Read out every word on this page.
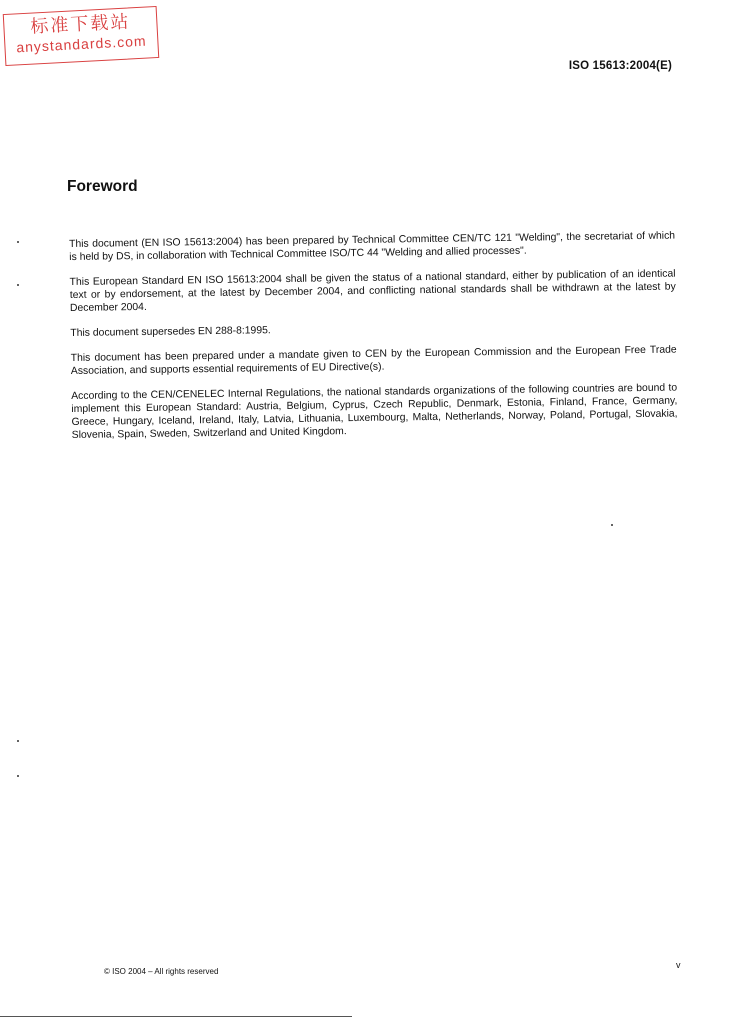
标准下载站
anystandards.com
ISO 15613:2004(E)
Foreword

This document (EN ISO 15613:2004) has been prepared by Technical Committee CEN/TC 121 "Welding", the secretariat of which is held by DS, in collaboration with Technical Committee ISO/TC 44 "Welding and allied processes".

This European Standard EN ISO 15613:2004 shall be given the status of a national standard, either by publication of an identical text or by endorsement, at the latest by December 2004, and conflicting national standards shall be withdrawn at the latest by December 2004.

This document supersedes EN 288-8:1995.

This document has been prepared under a mandate given to CEN by the European Commission and the European Free Trade Association, and supports essential requirements of EU Directive(s).

According to the CEN/CENELEC Internal Regulations, the national standards organizations of the following countries are bound to implement this European Standard: Austria, Belgium, Cyprus, Czech Republic, Denmark, Estonia, Finland, France, Germany, Greece, Hungary, Iceland, Ireland, Italy, Latvia, Lithuania, Luxembourg, Malta, Netherlands, Norway, Poland, Portugal, Slovakia, Slovenia, Spain, Sweden, Switzerland and United Kingdom.

© ISO 2004 – All rights reserved
v
